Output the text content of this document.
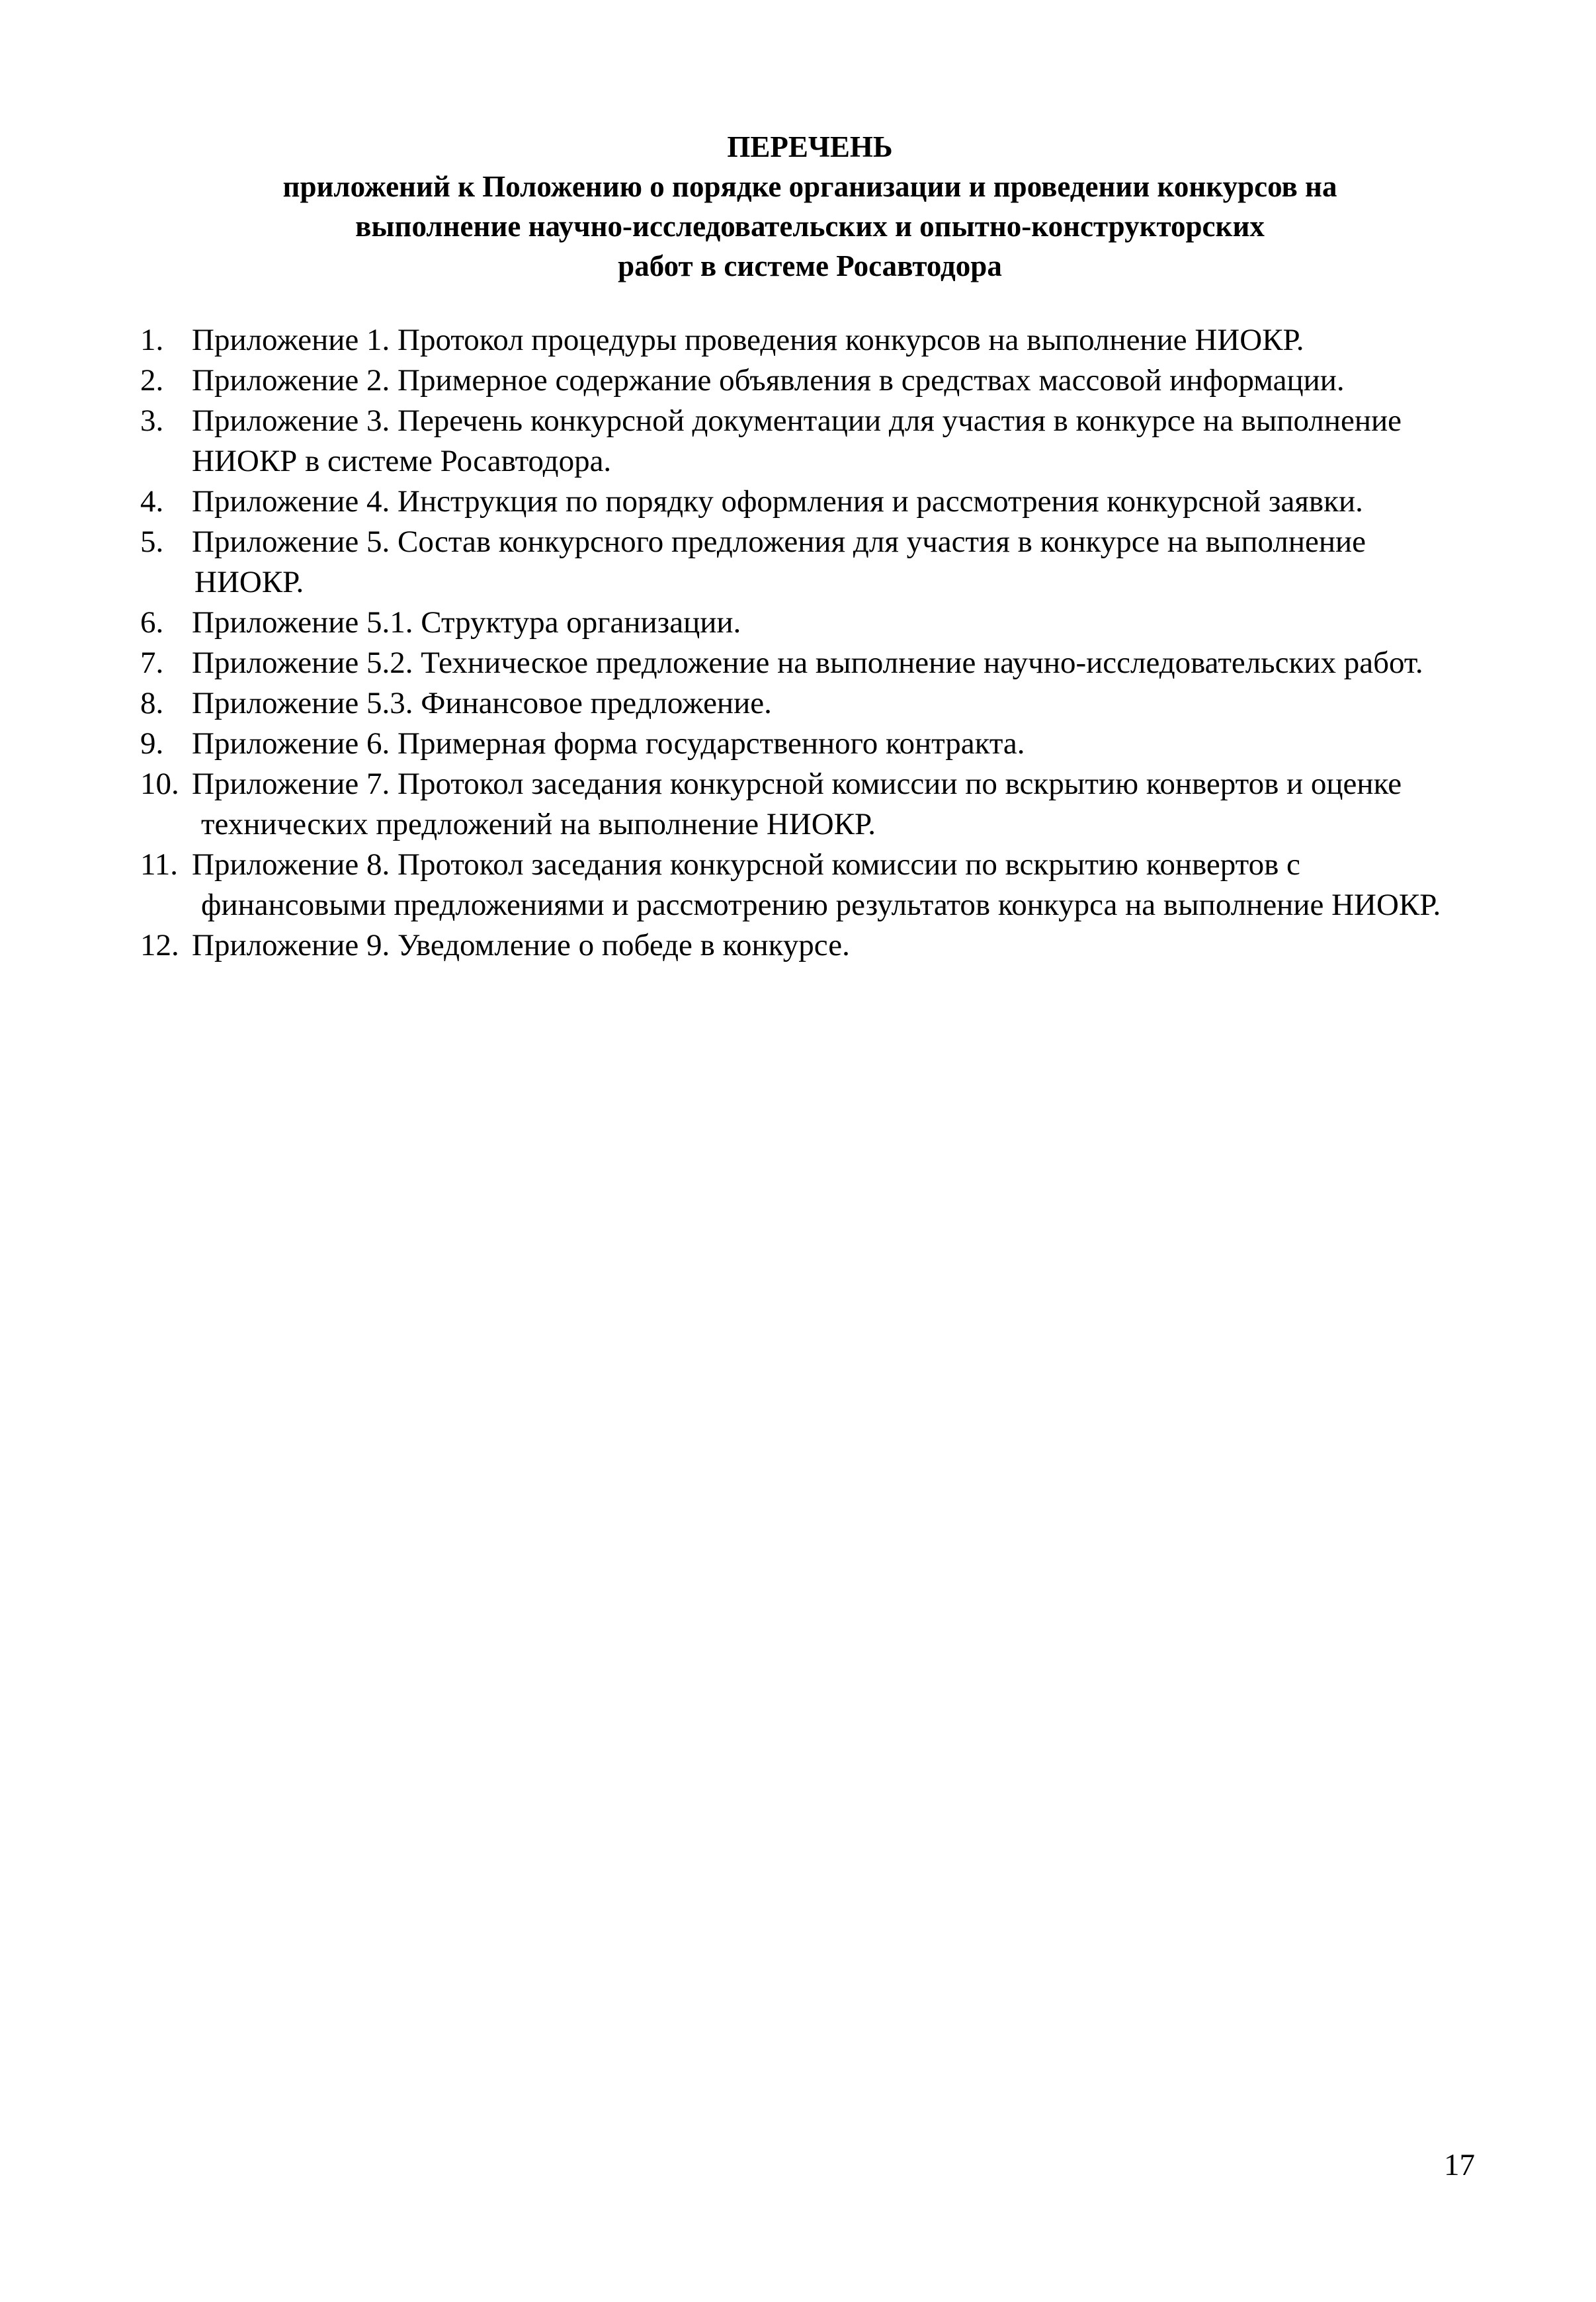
ПЕРЕЧЕНЬ
приложений к Положению о порядке организации и проведении конкурсов на
выполнение научно-исследовательских и опытно-конструкторских
работ в системе Росавтодора
1. Приложение 1. Протокол процедуры проведения конкурсов на выполнение НИОКР.
2. Приложение 2. Примерное содержание объявления в средствах массовой информации.
3. Приложение 3. Перечень конкурсной документации для участия в конкурсе на выполнение
НИОКР в системе Росавтодора.
4. Приложение 4. Инструкция по порядку оформления и рассмотрения конкурсной заявки.
5. Приложение 5. Состав конкурсного предложения для участия в конкурсе на выполнение
НИОКР.
6. Приложение 5.1. Структура организации.
7. Приложение 5.2. Техническое предложение на выполнение научно-исследовательских работ.
8. Приложение 5.3. Финансовое предложение.
9. Приложение 6. Примерная форма государственного контракта.
10. Приложение 7. Протокол заседания конкурсной комиссии по вскрытию конвертов и оценке
технических предложений на выполнение НИОКР.
11. Приложение 8. Протокол заседания конкурсной комиссии по вскрытию конвертов с
финансовыми предложениями и рассмотрению результатов конкурса на выполнение НИОКР.
12. Приложение 9. Уведомление о победе в конкурсе.
17
